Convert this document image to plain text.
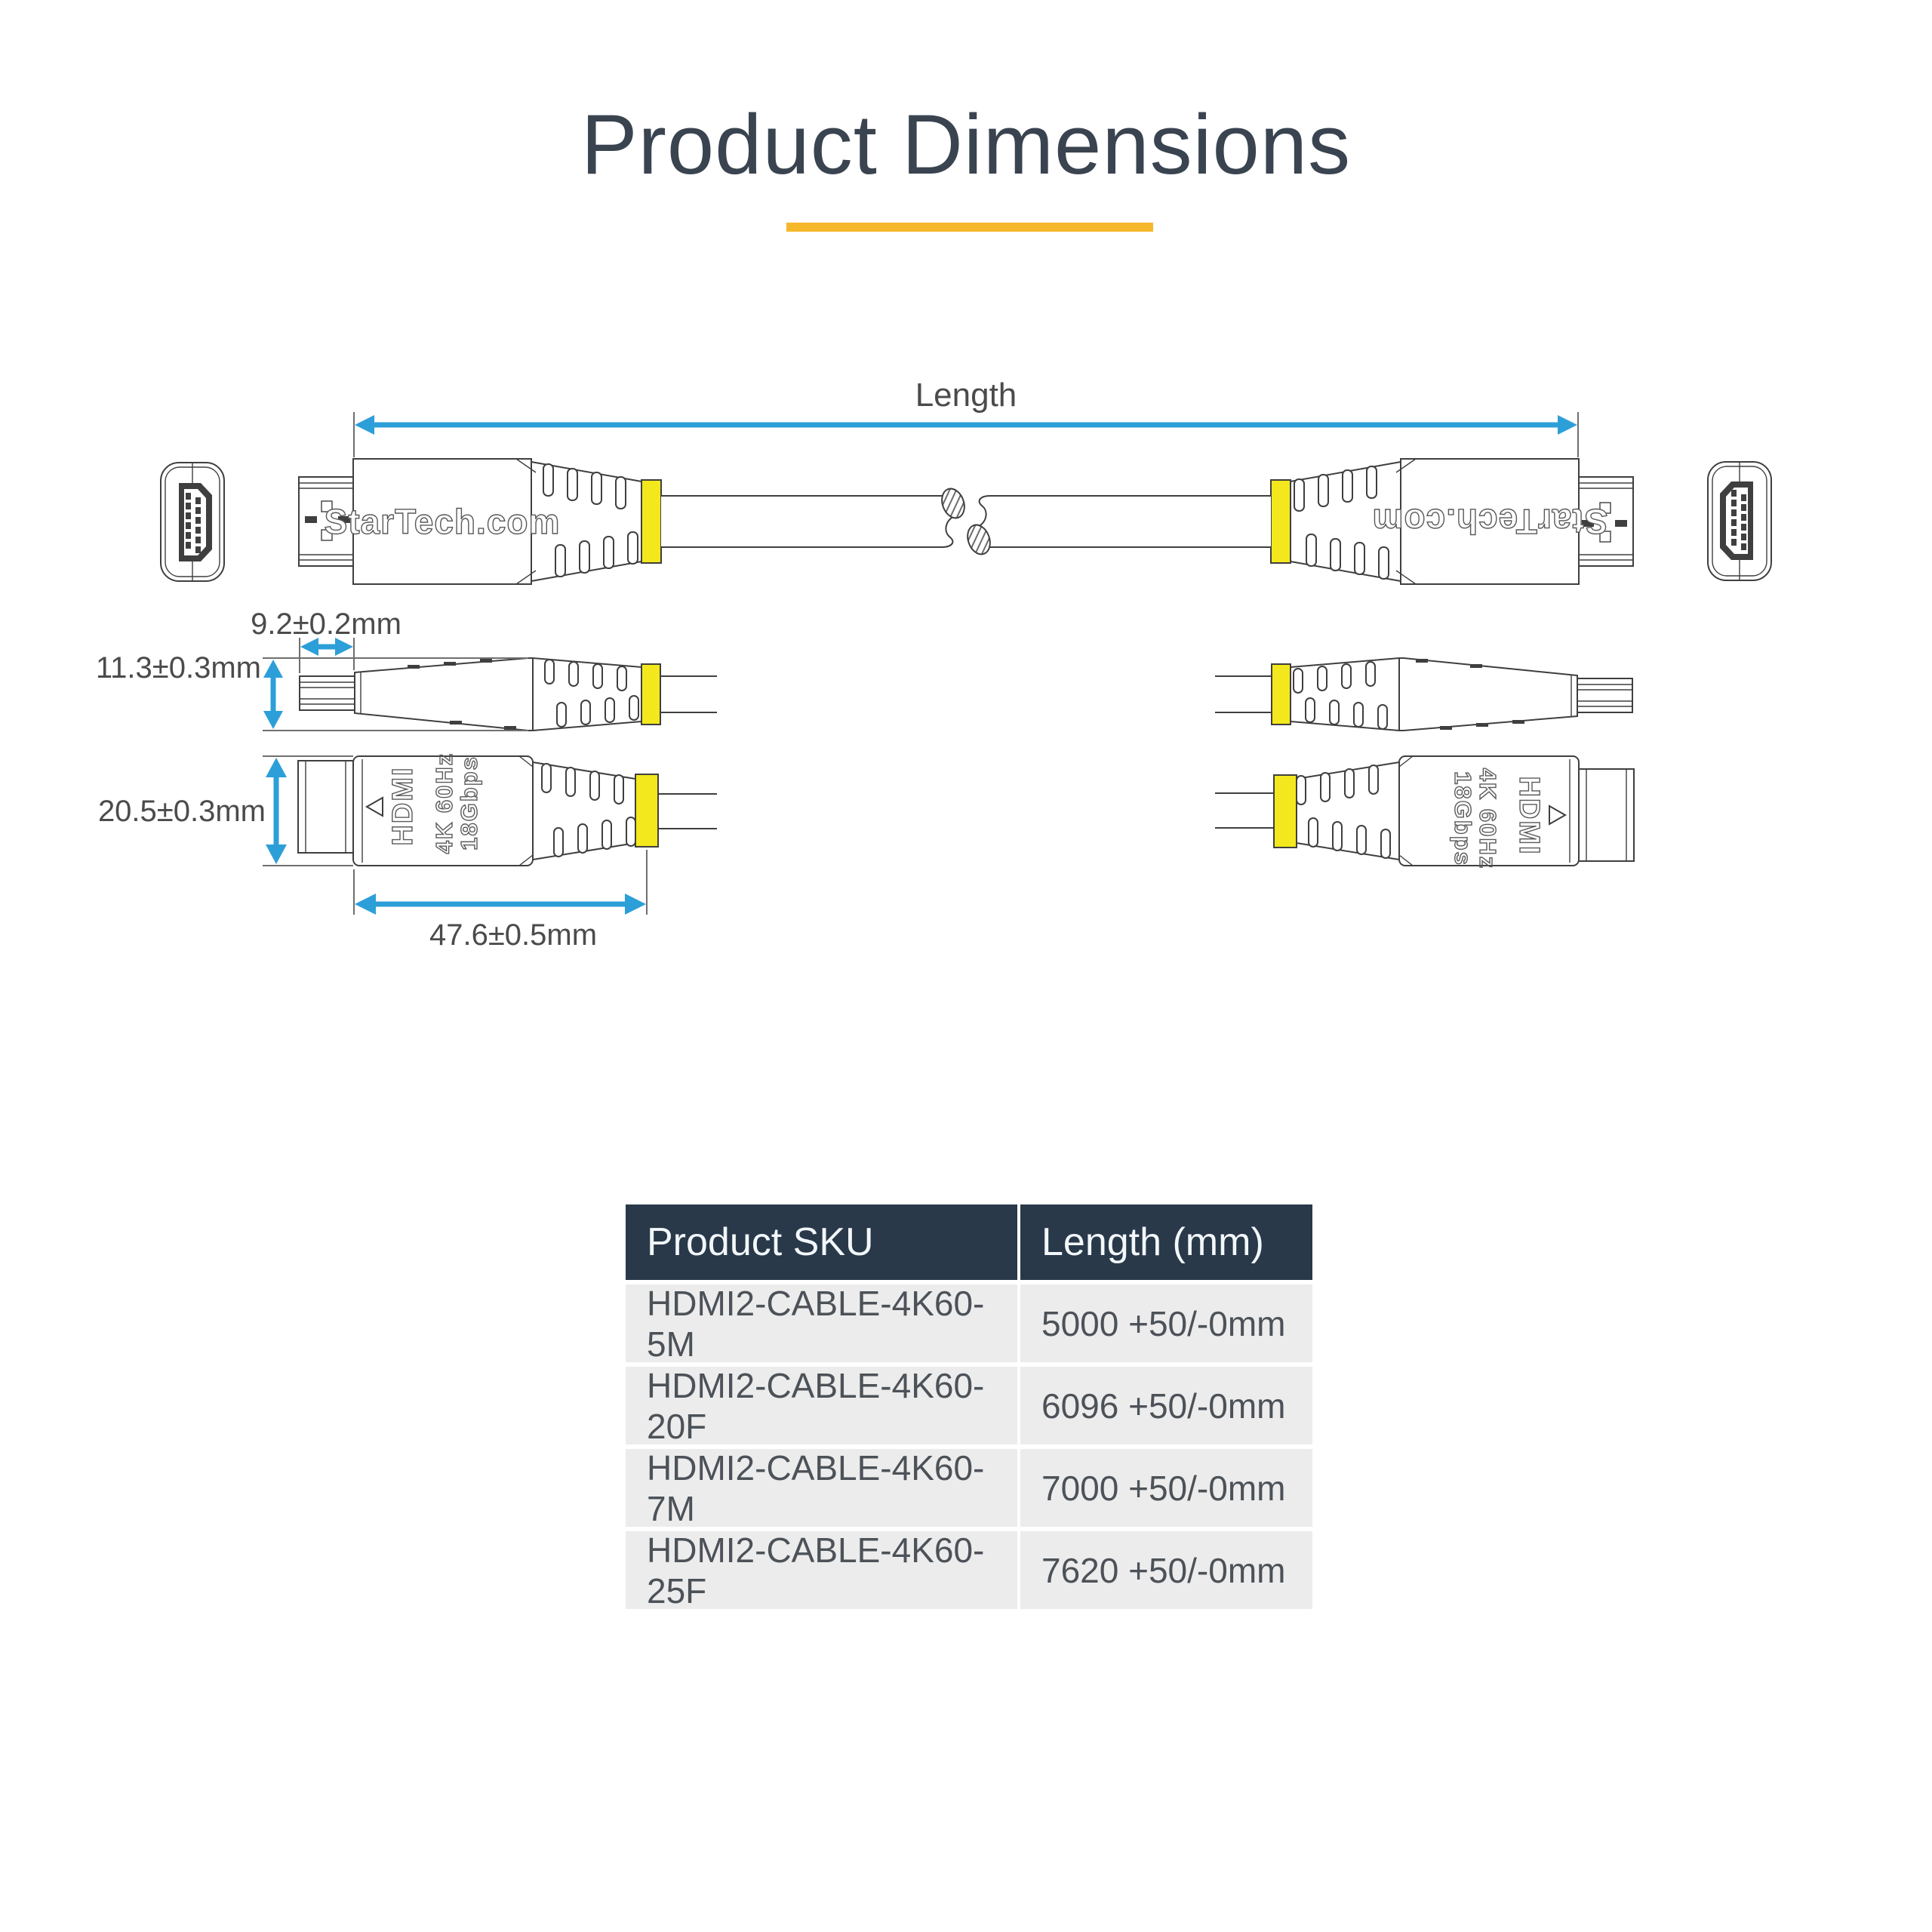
Product Dimensions
StarTech.com
HDMI 4K 60Hz
18Gbps
Length
9.2±0.2mm
11.3±0.3mm
20.5±0.3mm
47.6±0.5mm
Product SKU	Length (mm)
HDMI2-CABLE-4K60-5M
5000 +50/-0mm
HDMI2-CABLE-4K60-20F
6096 +50/-0mm
HDMI2-CABLE-4K60-7M
7000 +50/-0mm
HDMI2-CABLE-4K60-25F
7620 +50/-0mm
